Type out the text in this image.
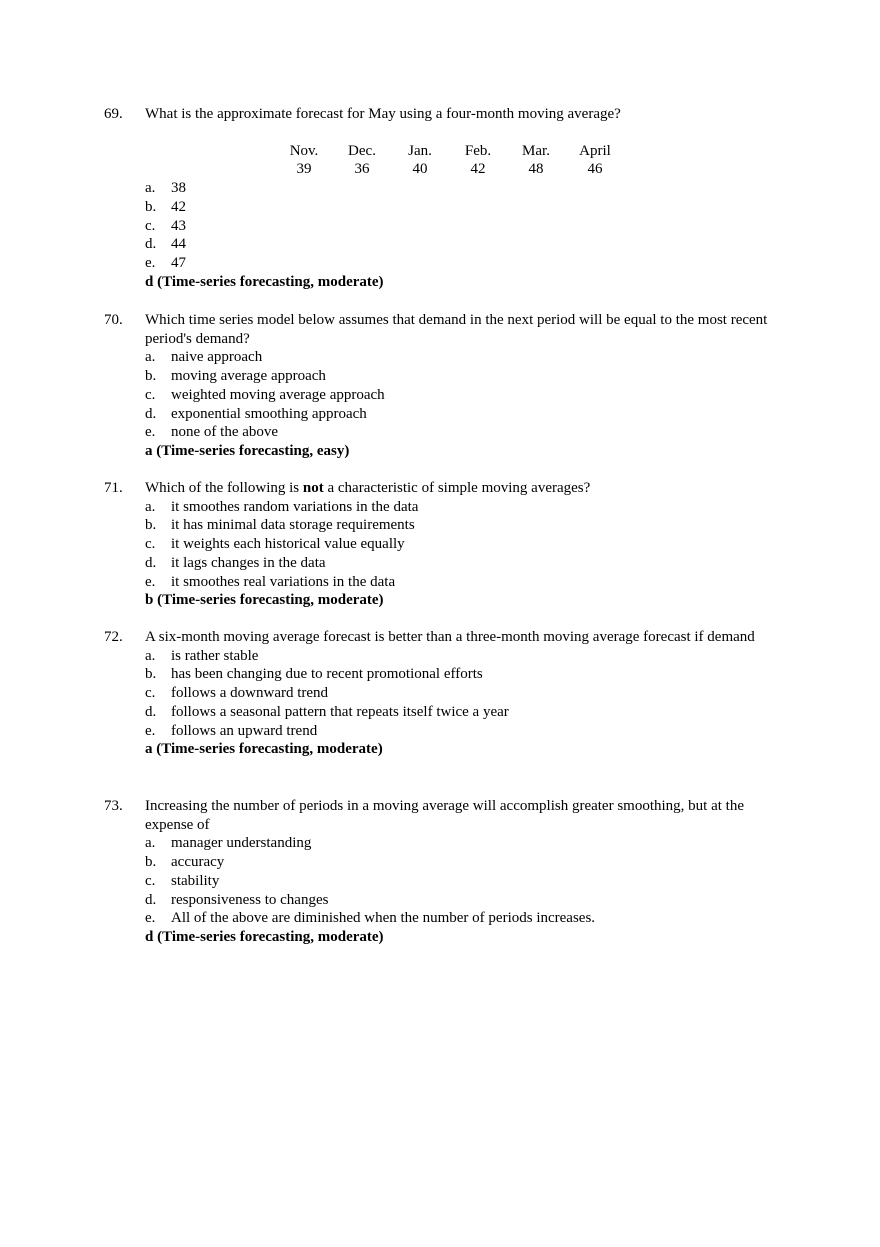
69.	What is the approximate forecast for May using a four-month moving average?

Nov.	Dec.	Jan.	Feb.	Mar.	April
39	36	40	42	48	46
a. 38
b. 42
c. 43
d. 44
e. 47
d (Time-series forecasting, moderate)
70.	Which time series model below assumes that demand in the next period will be equal to the most recent period's demand?

a. naive approach
b. moving average approach
c. weighted moving average approach
d. exponential smoothing approach
e. none of the above
a (Time-series forecasting, easy)
71.	Which of the following is not a characteristic of simple moving averages?

a. it smoothes random variations in the data
b. it has minimal data storage requirements
c. it weights each historical value equally
d. it lags changes in the data
e. it smoothes real variations in the data
b (Time-series forecasting, moderate)
72.	A six-month moving average forecast is better than a three-month moving average forecast if demand

a. is rather stable
b. has been changing due to recent promotional efforts
c. follows a downward trend
d. follows a seasonal pattern that repeats itself twice a year
e. follows an upward trend
a (Time-series forecasting, moderate)
73.	Increasing the number of periods in a moving average will accomplish greater smoothing, but at the expense of

a. manager understanding
b. accuracy
c. stability
d. responsiveness to changes
e. All of the above are diminished when the number of periods increases.
d (Time-series forecasting, moderate)
